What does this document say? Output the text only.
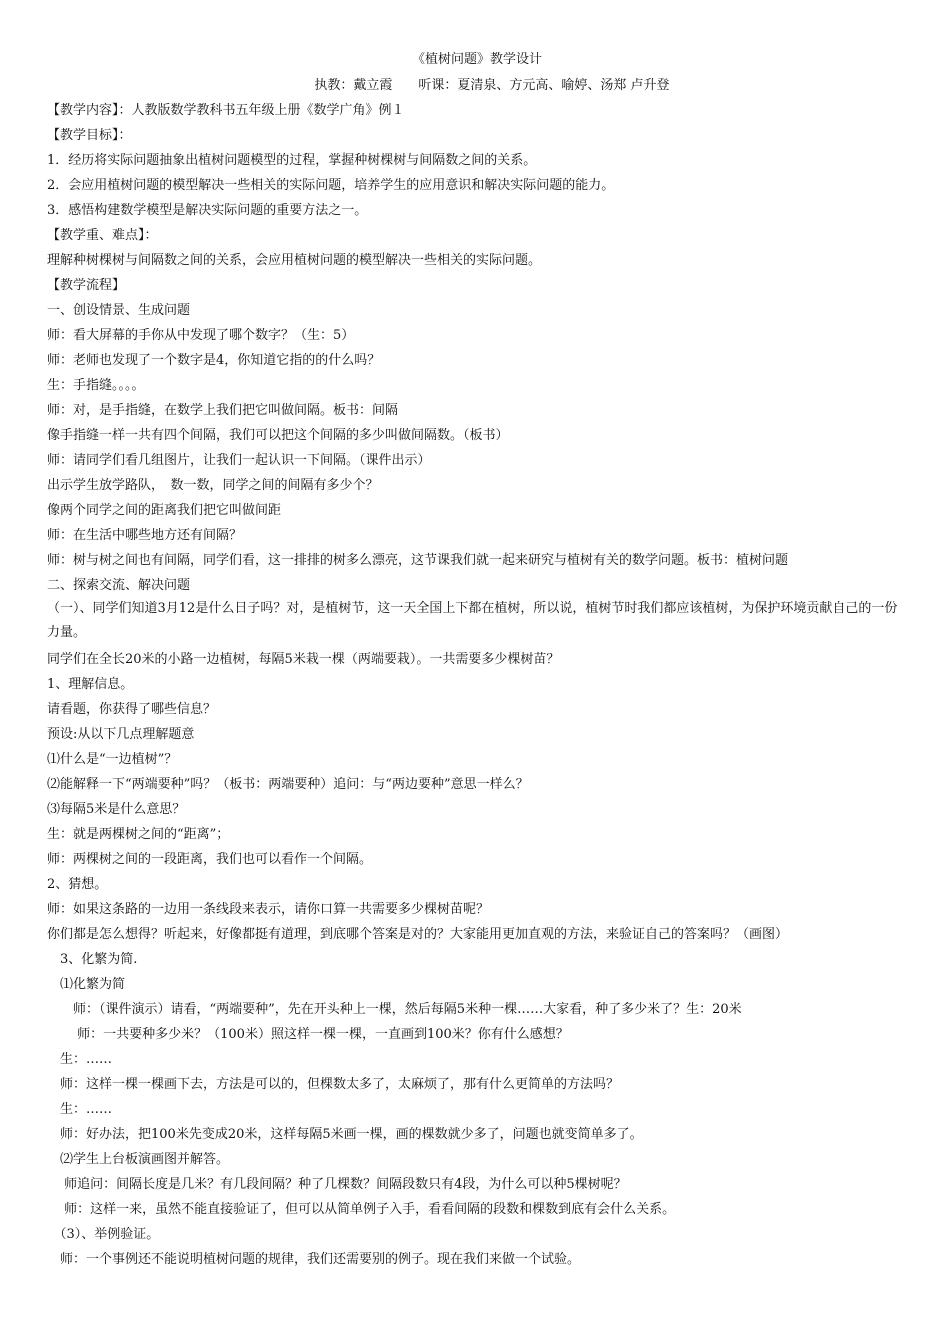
《植树问题》教学设计
执教：戴立霞　　听课：夏清泉、方元高、喻婷、汤郑 卢升登
【教学内容】：人教版数学教科书五年级上册《数学广角》例１
【教学目标】：
1．经历将实际问题抽象出植树问题模型的过程，掌握种树棵树与间隔数之间的关系。
2．会应用植树问题的模型解决一些相关的实际问题，培养学生的应用意识和解决实际问题的能力。
3．感悟构建数学模型是解决实际问题的重要方法之一。
【教学重、难点】：
理解种树棵树与间隔数之间的关系，会应用植树问题的模型解决一些相关的实际问题。
【教学流程】
一、创设情景、生成问题
师：看大屏幕的手你从中发现了哪个数字？（生：5）
师：老师也发现了一个数字是4，你知道它指的的什么吗？
生：手指缝。。。。
师：对，是手指缝，在数学上我们把它叫做间隔。板书：间隔
像手指缝一样一共有四个间隔，我们可以把这个间隔的多少叫做间隔数。（板书）
师：请同学们看几组图片，让我们一起认识一下间隔。（课件出示）
出示学生放学路队，　数一数，同学之间的间隔有多少个？
像两个同学之间的距离我们把它叫做间距
师：在生活中哪些地方还有间隔？
师：树与树之间也有间隔，同学们看，这一排排的树多么漂亮，这节课我们就一起来研究与植树有关的数学问题。板书：植树问题
二、探索交流、解决问题
（一）、同学们知道3月12是什么日子吗？对，是植树节，这一天全国上下都在植树，所以说，植树节时我们都应该植树，为保护环境贡献自己的一份力量。
同学们在全长20米的小路一边植树，每隔5米栽一棵（两端要栽）。一共需要多少棵树苗？
1、理解信息。
请看题，你获得了哪些信息？
预设:从以下几点理解题意
⑴什么是“一边植树”？
⑵能解释一下“两端要种”吗？（板书：两端要种）追问：与“两边要种”意思一样么？
⑶每隔5米是什么意思？
生：就是两棵树之间的“距离”；
师：两棵树之间的一段距离，我们也可以看作一个间隔。
2、猜想。
师：如果这条路的一边用一条线段来表示，请你口算一共需要多少棵树苗呢？
你们都是怎么想得？听起来，好像都挺有道理，到底哪个答案是对的？大家能用更加直观的方法，来验证自己的答案吗？（画图）
　3、化繁为简.
　⑴化繁为简
　　师：（课件演示）请看，“两端要种”，先在开头种上一棵，然后每隔5米种一棵……大家看，种了多少米了？生：20米
　　 师：一共要种多少米？（100米）照这样一棵一棵，一直画到100米？你有什么感想？
　生：……
　师：这样一棵一棵画下去，方法是可以的，但棵数太多了，太麻烦了，那有什么更简单的方法吗？
　生：……
　师：好办法，把100米先变成20米，这样每隔5米画一棵，画的棵数就少多了，问题也就变简单多了。
　⑵学生上台板演画图并解答。
　 师追问：间隔长度是几米？有几段间隔？种了几棵数？间隔段数只有4段，为什么可以种5棵树呢？
　 师：这样一来，虽然不能直接验证了，但可以从简单例子入手，看看间隔的段数和棵数到底有会什么关系。
　（3）、举例验证。
　师：一个事例还不能说明植树问题的规律，我们还需要别的例子。现在我们来做一个试验。
